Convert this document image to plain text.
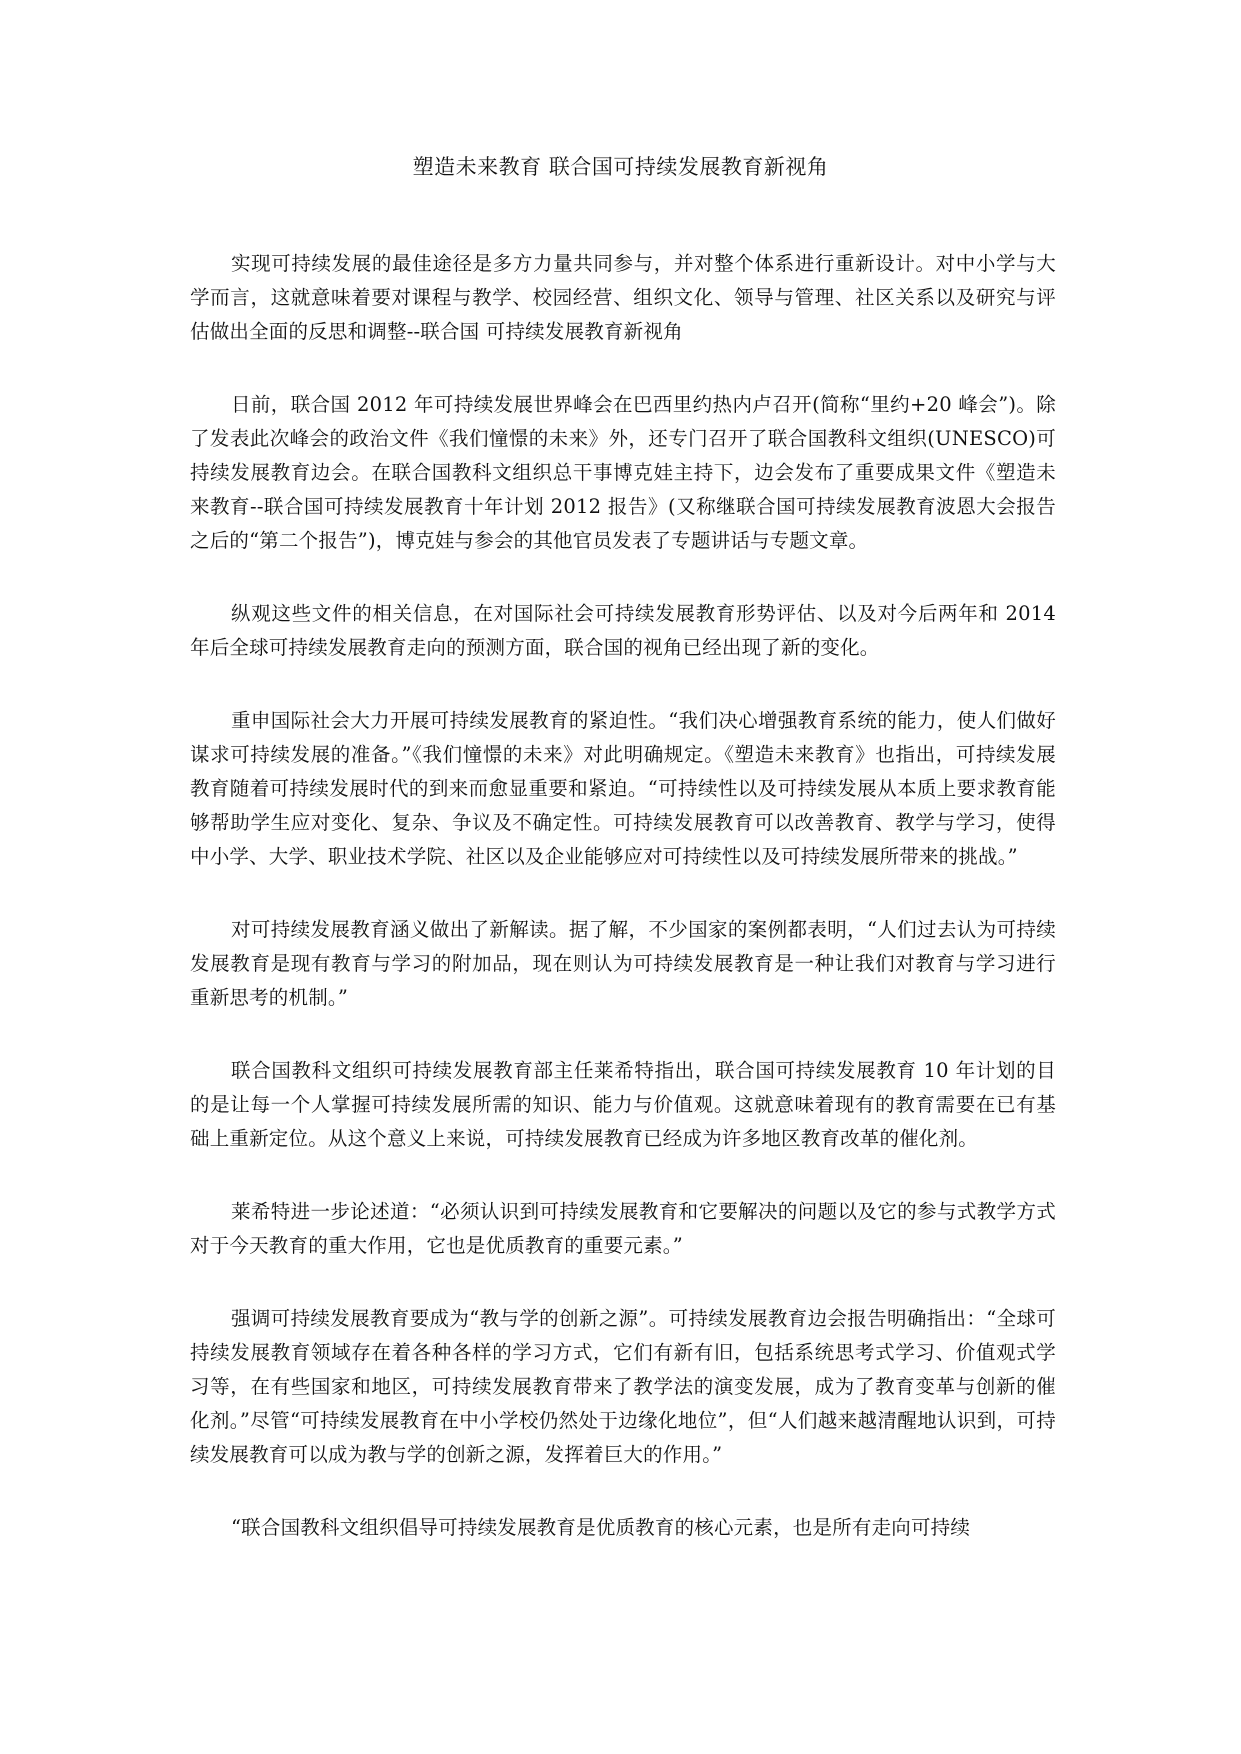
塑造未来教育 联合国可持续发展教育新视角

实现可持续发展的最佳途径是多方力量共同参与，并对整个体系进行重新设计。对中小学与大学而言，这就意味着要对课程与教学、校园经营、组织文化、领导与管理、社区关系以及研究与评估做出全面的反思和调整--联合国 可持续发展教育新视角

日前，联合国 2012 年可持续发展世界峰会在巴西里约热内卢召开(简称“里约+20 峰会”)。除了发表此次峰会的政治文件《我们憧憬的未来》外，还专门召开了联合国教科文组织(UNESCO)可持续发展教育边会。在联合国教科文组织总干事博克娃主持下，边会发布了重要成果文件《塑造未来教育--联合国可持续发展教育十年计划 2012 报告》(又称继联合国可持续发展教育波恩大会报告之后的“第二个报告”)，博克娃与参会的其他官员发表了专题讲话与专题文章。

纵观这些文件的相关信息，在对国际社会可持续发展教育形势评估、以及对今后两年和 2014 年后全球可持续发展教育走向的预测方面，联合国的视角已经出现了新的变化。

重申国际社会大力开展可持续发展教育的紧迫性。“我们决心增强教育系统的能力，使人们做好谋求可持续发展的准备。”《我们憧憬的未来》对此明确规定。《塑造未来教育》也指出，可持续发展教育随着可持续发展时代的到来而愈显重要和紧迫。“可持续性以及可持续发展从本质上要求教育能够帮助学生应对变化、复杂、争议及不确定性。可持续发展教育可以改善教育、教学与学习，使得中小学、大学、职业技术学院、社区以及企业能够应对可持续性以及可持续发展所带来的挑战。”

对可持续发展教育涵义做出了新解读。据了解，不少国家的案例都表明，“人们过去认为可持续发展教育是现有教育与学习的附加品，现在则认为可持续发展教育是一种让我们对教育与学习进行重新思考的机制。”

联合国教科文组织可持续发展教育部主任莱希特指出，联合国可持续发展教育 10 年计划的目的是让每一个人掌握可持续发展所需的知识、能力与价值观。这就意味着现有的教育需要在已有基础上重新定位。从这个意义上来说，可持续发展教育已经成为许多地区教育改革的催化剂。

莱希特进一步论述道：“必须认识到可持续发展教育和它要解决的问题以及它的参与式教学方式对于今天教育的重大作用，它也是优质教育的重要元素。”

强调可持续发展教育要成为“教与学的创新之源”。可持续发展教育边会报告明确指出：“全球可持续发展教育领域存在着各种各样的学习方式，它们有新有旧，包括系统思考式学习、价值观式学习等，在有些国家和地区，可持续发展教育带来了教学法的演变发展，成为了教育变革与创新的催化剂。”尽管“可持续发展教育在中小学校仍然处于边缘化地位”，但“人们越来越清醒地认识到，可持续发展教育可以成为教与学的创新之源，发挥着巨大的作用。”

“联合国教科文组织倡导可持续发展教育是优质教育的核心元素，也是所有走向可持续
